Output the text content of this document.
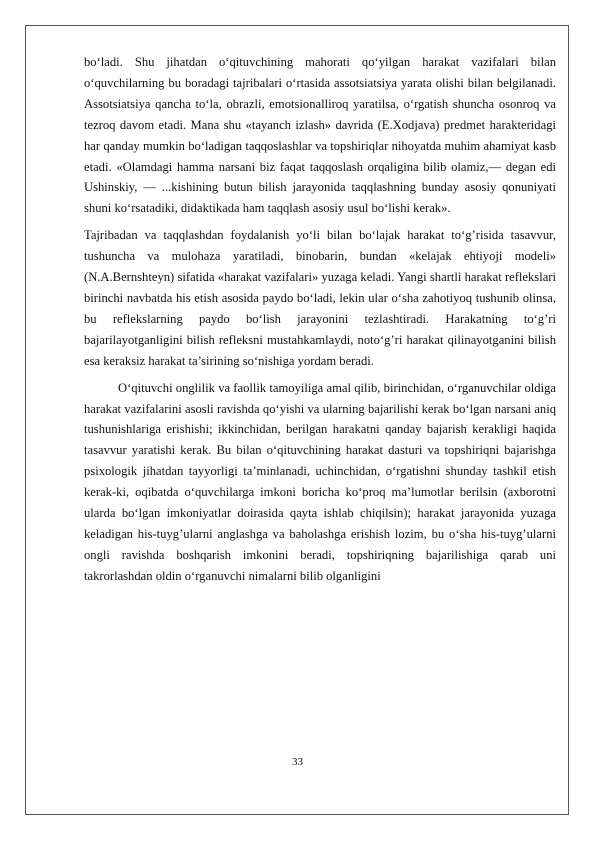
bo‘ladi. Shu jihatdan o‘qituvchining mahorati qo‘yilgan harakat vazifalari bilan o‘quvchilarning bu boradagi tajribalari o‘rtasida assotsiatsiya yarata olishi bilan belgilanadi. Assotsiatsiya qancha to‘la, obrazli, emotsionalliroq yaratilsa, o‘rgatish shuncha osonroq va tezroq davom etadi. Mana shu «tayanch izlash» davrida (E.Xodjava) predmet harakteridagi har qanday mumkin bo‘ladigan taqqoslashlar va topshiriqlar nihoyatda muhim ahamiyat kasb etadi. «Olamdagi hamma narsani biz faqat taqqoslash orqaligina bilib olamiz,— degan edi Ushinskiy, — ...kishining butun bilish jarayonida taqqlashning bunday asosiy qonuniyati shuni ko‘rsatadiki, didaktikada ham taqqlash asosiy usul bo‘lishi kerak».

Tajribadan va taqqlashdan foydalanish yo‘li bilan bo‘lajak harakat to‘g’risida tasavvur, tushuncha va mulohaza yaratiladi, binobarin, bundan «kelajak ehtiyoji modeli» (N.A.Bernshteyn) sifatida «harakat vazifalari» yuzaga keladi. Yangi shartli harakat reflekslari birinchi navbatda his etish asosida paydo bo‘ladi, lekin ular o‘sha zahotiyoq tushunib olinsa, bu reflekslarning paydo bo‘lish jarayonini tezlashtiradi. Harakatning to‘g’ri bajarilayotganligini bilish refleksni mustahkamlaydi, noto‘g’ri harakat qilinayotganini bilish esa keraksiz harakat ta’sirining so‘nishiga yordam beradi.

O‘qituvchi onglilik va faollik tamoyiliga amal qilib, birinchidan, o‘rganuvchilar oldiga harakat vazifalarini asosli ravishda qo‘yishi va ularning bajarilishi kerak bo‘lgan narsani aniq tushunishlariga erishishi; ikkinchidan, berilgan harakatni qanday bajarish kerakligi haqida tasavvur yaratishi kerak. Bu bilan o‘qituvchining harakat dasturi va topshiriqni bajarishga psixologik jihatdan tayyorligi ta’minlanadi, uchinchidan, o‘rgatishni shunday tashkil etish kerak-ki, oqibatda o‘quvchilarga imkoni boricha ko‘proq ma’lumotlar berilsin (axborotni ularda bo‘lgan imkoniyatlar doirasida qayta ishlab chiqilsin); harakat jarayonida yuzaga keladigan his-tuyg’ularni anglashga va baholashga erishish lozim, bu o‘sha his-tuyg’ularni ongli ravishda boshqarish imkonini beradi, topshiriqning bajarilishiga qarab uni takrorlashdan oldin o‘rganuvchi nimalarni bilib olganligini

33
